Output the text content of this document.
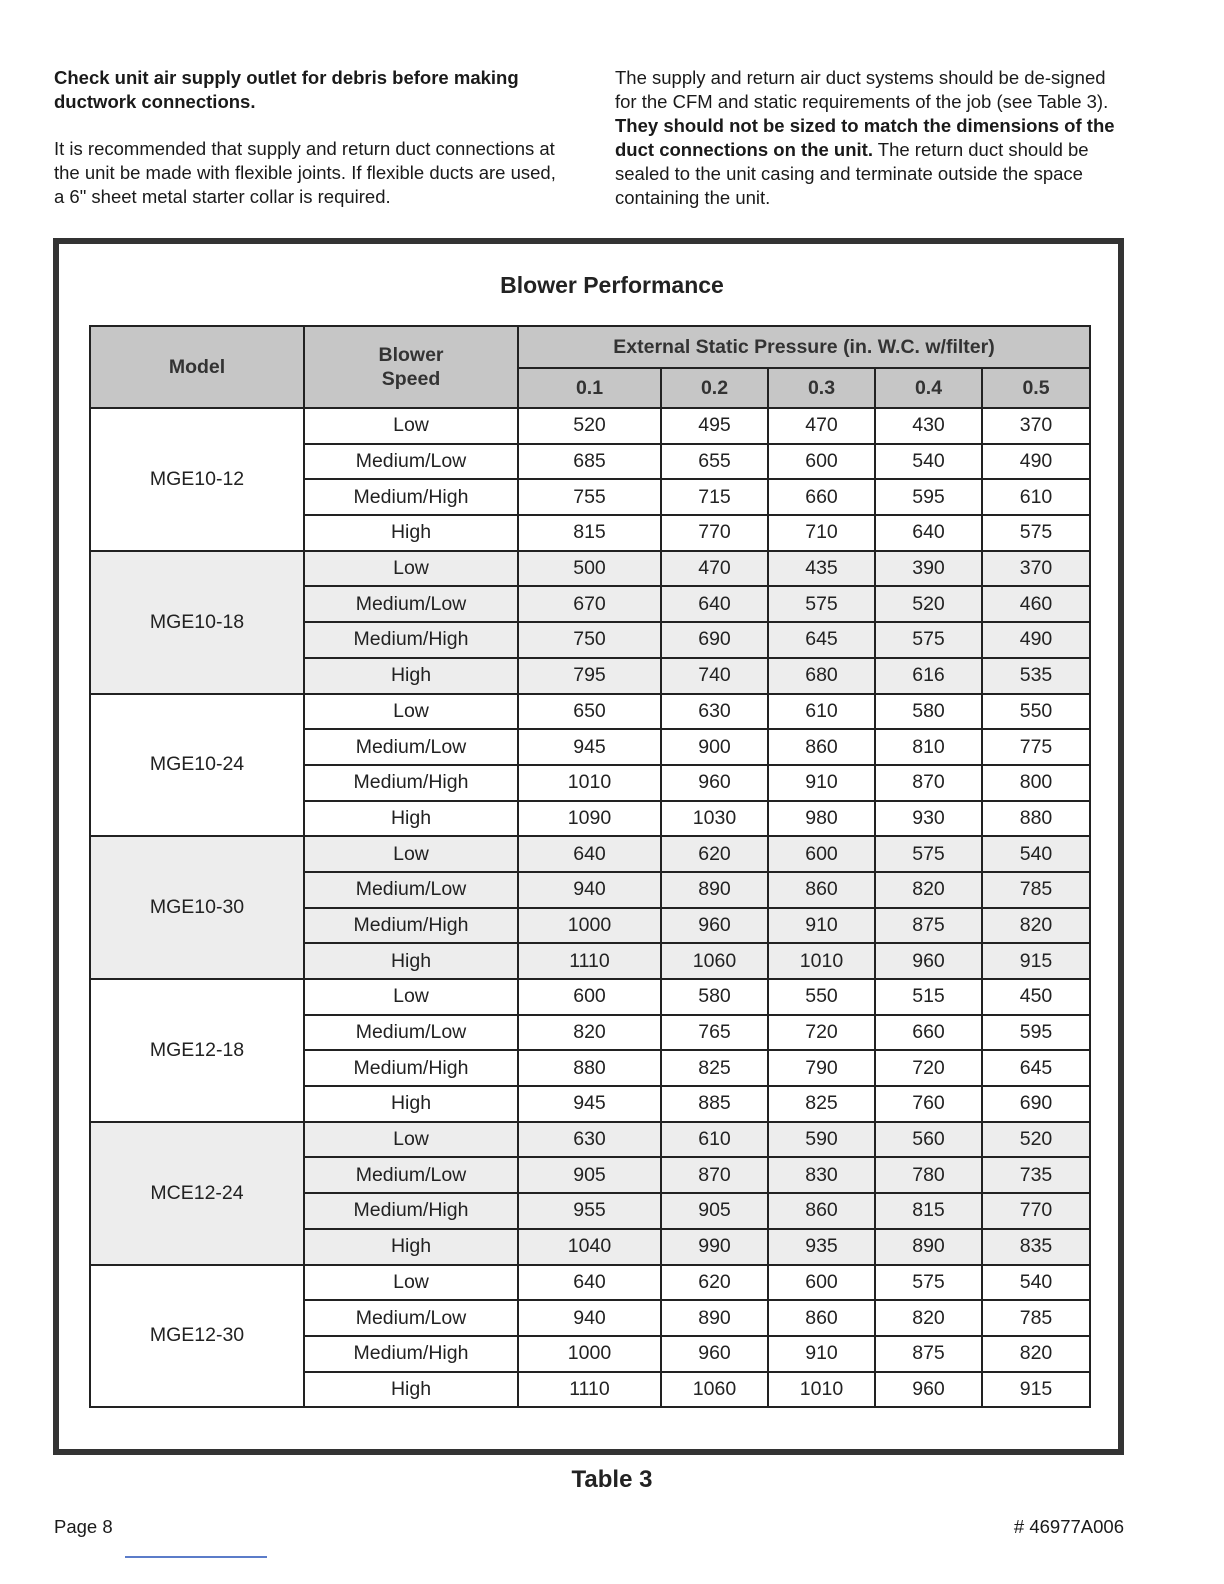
Check unit air supply outlet for debris before making ductwork connections.

It is recommended that supply and return duct connections at the unit be made with flexible joints. If flexible ducts are used, a 6" sheet metal starter collar is required.

The supply and return air duct systems should be de-signed for the CFM and static requirements of the job (see Table 3). They should not be sized to match the dimensions of the duct connections on the unit. The return duct should be sealed to the unit casing and terminate outside the space containing the unit.

Blower Performance
Model	Blower Speed	External Static Pressure (in. W.C. w/filter)				
		0.1	0.2	0.3	0.4	0.5
MGE10-12	Low	520	495	470	430	370
	Medium/Low	685	655	600	540	490
	Medium/High	755	715	660	595	610
	High	815	770	710	640	575
MGE10-18	Low	500	470	435	390	370
	Medium/Low	670	640	575	520	460
	Medium/High	750	690	645	575	490
	High	795	740	680	616	535
MGE10-24	Low	650	630	610	580	550
	Medium/Low	945	900	860	810	775
	Medium/High	1010	960	910	870	800
	High	1090	1030	980	930	880
MGE10-30	Low	640	620	600	575	540
	Medium/Low	940	890	860	820	785
	Medium/High	1000	960	910	875	820
	High	1110	1060	1010	960	915
MGE12-18	Low	600	580	550	515	450
	Medium/Low	820	765	720	660	595
	Medium/High	880	825	790	720	645
	High	945	885	825	760	690
MCE12-24	Low	630	610	590	560	520
	Medium/Low	905	870	830	780	735
	Medium/High	955	905	860	815	770
	High	1040	990	935	890	835
MGE12-30	Low	640	620	600	575	540
	Medium/Low	940	890	860	820	785
	Medium/High	1000	960	910	875	820
	High	1110	1060	1010	960	915
Table 3
Page 8	# 46977A006
